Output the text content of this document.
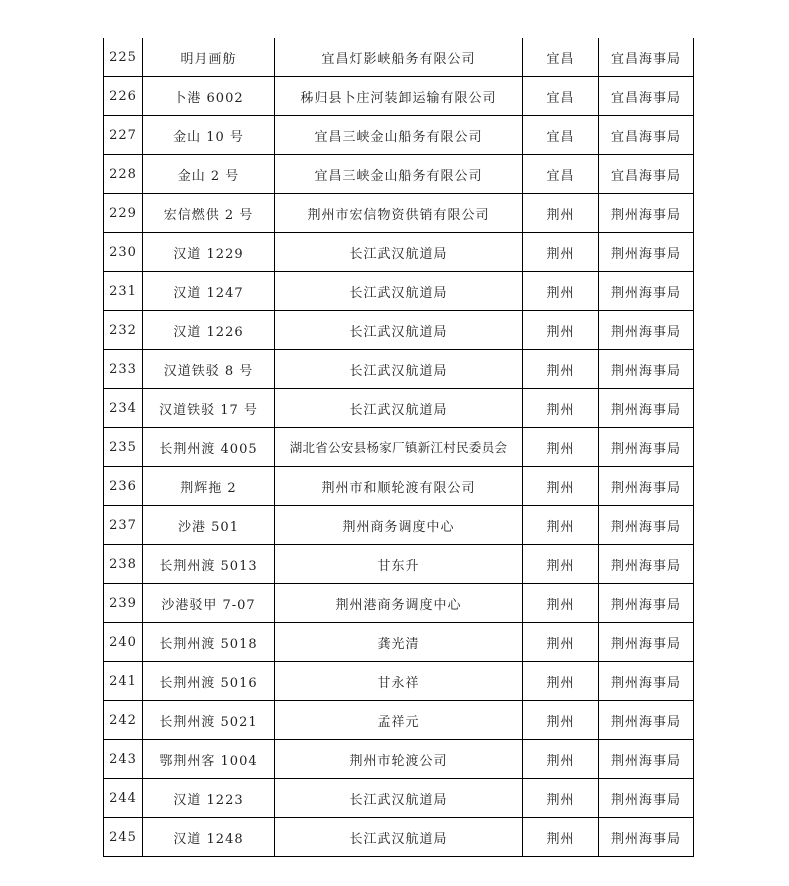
225	明月画舫	宜昌灯影峡船务有限公司	宜昌	宜昌海事局
226	卜港 6002	秭归县卜庄河装卸运输有限公司	宜昌	宜昌海事局
227	金山 10 号	宜昌三峡金山船务有限公司	宜昌	宜昌海事局
228	金山 2 号	宜昌三峡金山船务有限公司	宜昌	宜昌海事局
229	宏信燃供 2 号	荆州市宏信物资供销有限公司	荆州	荆州海事局
230	汉道 1229	长江武汉航道局	荆州	荆州海事局
231	汉道 1247	长江武汉航道局	荆州	荆州海事局
232	汉道 1226	长江武汉航道局	荆州	荆州海事局
233	汉道铁驳 8 号	长江武汉航道局	荆州	荆州海事局
234	汉道铁驳 17 号	长江武汉航道局	荆州	荆州海事局
235	长荆州渡 4005	湖北省公安县杨家厂镇新江村民委员会	荆州	荆州海事局
236	荆辉拖 2	荆州市和顺轮渡有限公司	荆州	荆州海事局
237	沙港 501	荆州商务调度中心	荆州	荆州海事局
238	长荆州渡 5013	甘东升	荆州	荆州海事局
239	沙港驳甲 7-07	荆州港商务调度中心	荆州	荆州海事局
240	长荆州渡 5018	龚光清	荆州	荆州海事局
241	长荆州渡 5016	甘永祥	荆州	荆州海事局
242	长荆州渡 5021	孟祥元	荆州	荆州海事局
243	鄂荆州客 1004	荆州市轮渡公司	荆州	荆州海事局
244	汉道 1223	长江武汉航道局	荆州	荆州海事局
245	汉道 1248	长江武汉航道局	荆州	荆州海事局
